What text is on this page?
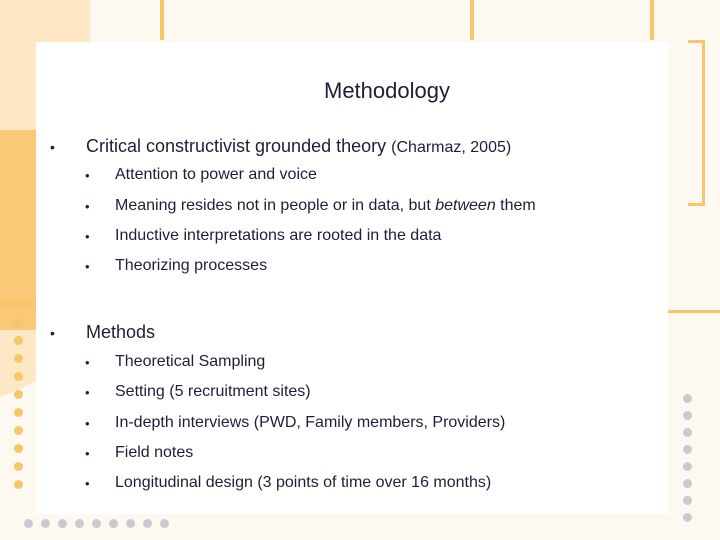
Methodology
• Critical constructivist grounded theory (Charmaz, 2005)
• Attention to power and voice
• Meaning resides not in people or in data, but between them
• Inductive interpretations are rooted in the data
• Theorizing processes
• Methods
• Theoretical Sampling
• Setting (5 recruitment sites)
• In-depth interviews (PWD, Family members, Providers)
• Field notes
• Longitudinal design (3 points of time over 16 months)
